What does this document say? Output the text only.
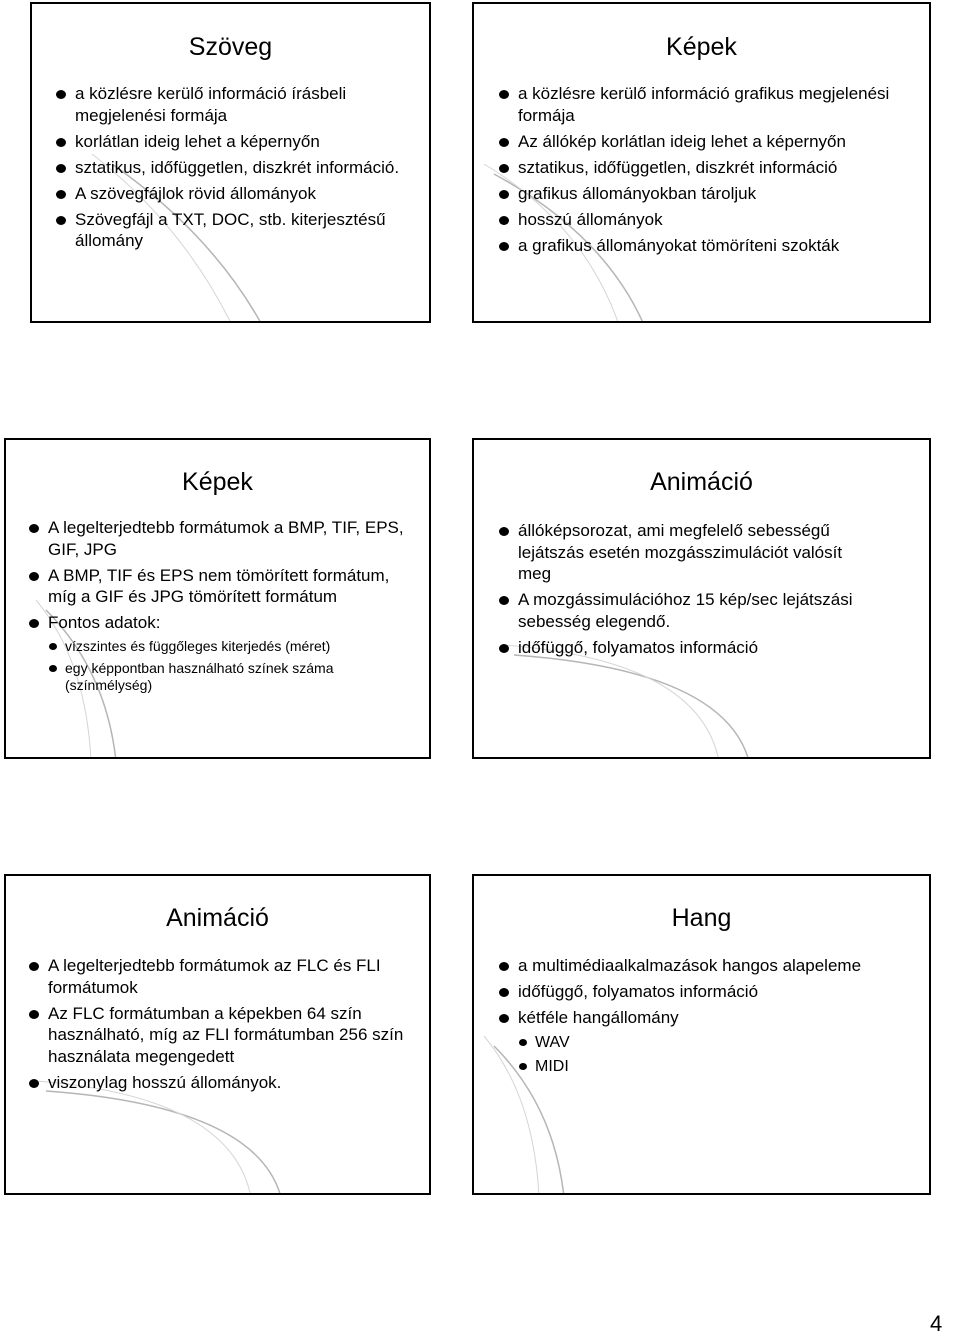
Szöveg
a közlésre kerülő információ írásbeli megjelenési formája
korlátlan ideig lehet a képernyőn
sztatikus, időfüggetlen, diszkrét információ.
A szövegfájlok rövid állományok
Szövegfájl a TXT, DOC, stb. kiterjesztésű állomány
Képek
a közlésre kerülő információ grafikus megjelenési formája
Az állókép korlátlan ideig lehet a képernyőn
sztatikus, időfüggetlen, diszkrét információ
grafikus állományokban tároljuk
hosszú állományok
a grafikus állományokat tömöríteni szokták
Képek
A legelterjedtebb formátumok a BMP, TIF, EPS, GIF, JPG
A BMP, TIF és EPS nem tömörített formátum, míg a GIF és JPG tömörített formátum
Fontos adatok:
vízszintes és függőleges kiterjedés (méret)
egy képpontban használható színek száma (színmélység)
Animáció
állóképsorozat, ami megfelelő sebességű lejátszás esetén mozgásszimulációt valósít meg
A mozgássimulációhoz 15 kép/sec lejátszási sebesség elegendő.
időfüggő, folyamatos információ
Animáció
A legelterjedtebb formátumok az FLC és FLI formátumok
Az FLC formátumban a képekben 64 szín használható, míg az FLI formátumban 256 szín használata megengedett
viszonylag hosszú állományok.
Hang
a multimédiaalkalmazások hangos alapeleme
időfüggő, folyamatos információ
kétféle hangállomány
WAV
MIDI
4
